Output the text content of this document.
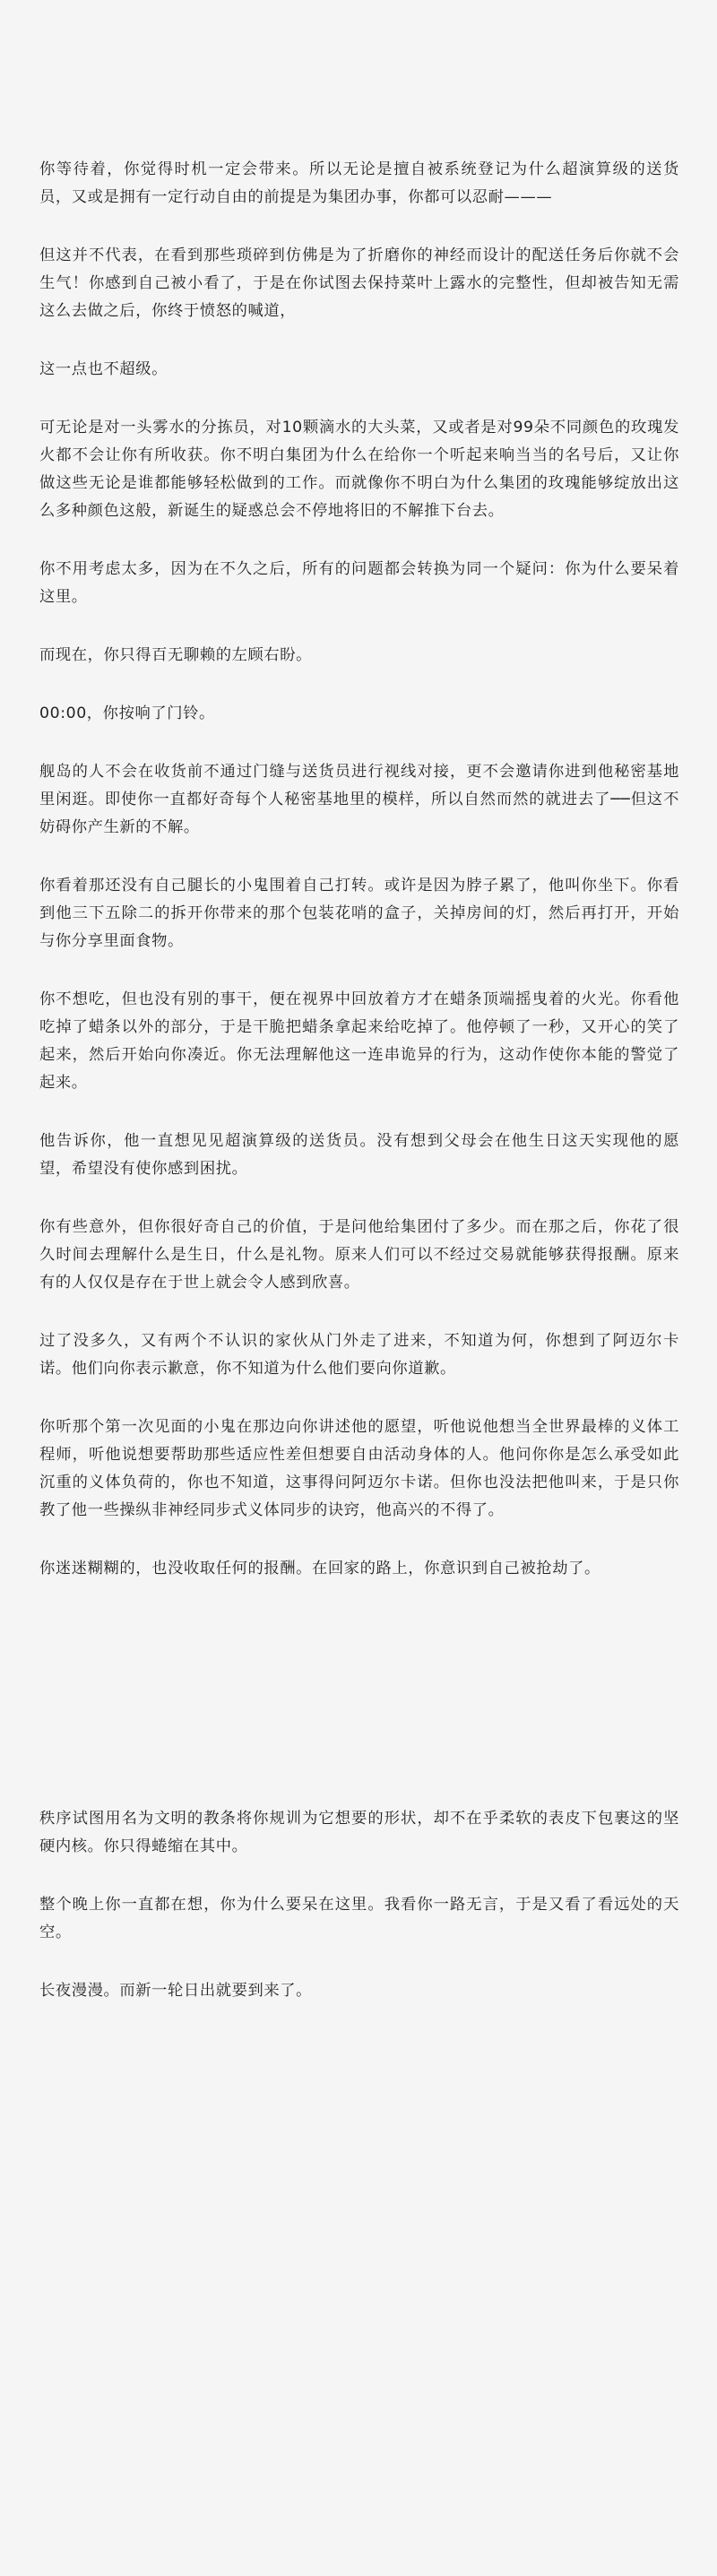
你等待着，你觉得时机一定会带来。所以无论是擅自被系统登记为什么超演算级的送货员，又或是拥有一定行动自由的前提是为集团办事，你都可以忍耐———

但这并不代表，在看到那些琐碎到仿佛是为了折磨你的神经而设计的配送任务后你就不会生气！你感到自己被小看了，于是在你试图去保持菜叶上露水的完整性，但却被告知无需这么去做之后，你终于愤怒的喊道，

这一点也不超级。

可无论是对一头雾水的分拣员，对10颗滴水的大头菜，又或者是对99朵不同颜色的玫瑰发火都不会让你有所收获。你不明白集团为什么在给你一个听起来响当当的名号后，又让你做这些无论是谁都能够轻松做到的工作。而就像你不明白为什么集团的玫瑰能够绽放出这么多种颜色这般，新诞生的疑惑总会不停地将旧的不解推下台去。

你不用考虑太多，因为在不久之后，所有的问题都会转换为同一个疑问：你为什么要呆着这里。

而现在，你只得百无聊赖的左顾右盼。

00:00，你按响了门铃。

舰岛的人不会在收货前不通过门缝与送货员进行视线对接，更不会邀请你进到他秘密基地里闲逛。即使你一直都好奇每个人秘密基地里的模样，所以自然而然的就进去了──但这不妨碍你产生新的不解。

你看着那还没有自己腿长的小鬼围着自己打转。或许是因为脖子累了，他叫你坐下。你看到他三下五除二的拆开你带来的那个包装花哨的盒子，关掉房间的灯，然后再打开，开始与你分享里面食物。

你不想吃，但也没有别的事干，便在视界中回放着方才在蜡条顶端摇曳着的火光。你看他吃掉了蜡条以外的部分，于是干脆把蜡条拿起来给吃掉了。他停顿了一秒，又开心的笑了起来，然后开始向你凑近。你无法理解他这一连串诡异的行为，这动作使你本能的警觉了起来。

他告诉你，他一直想见见超演算级的送货员。没有想到父母会在他生日这天实现他的愿望，希望没有使你感到困扰。

你有些意外，但你很好奇自己的价值，于是问他给集团付了多少。而在那之后，你花了很久时间去理解什么是生日，什么是礼物。原来人们可以不经过交易就能够获得报酬。原来有的人仅仅是存在于世上就会令人感到欣喜。

过了没多久，又有两个不认识的家伙从门外走了进来，不知道为何，你想到了阿迈尔卡诺。他们向你表示歉意，你不知道为什么他们要向你道歉。

你听那个第一次见面的小鬼在那边向你讲述他的愿望，听他说他想当全世界最棒的义体工程师，听他说想要帮助那些适应性差但想要自由活动身体的人。他问你你是怎么承受如此沉重的义体负荷的，你也不知道，这事得问阿迈尔卡诺。但你也没法把他叫来，于是只你教了他一些操纵非神经同步式义体同步的诀窍，他高兴的不得了。

你迷迷糊糊的，也没收取任何的报酬。在回家的路上，你意识到自己被抢劫了。

秩序试图用名为文明的教条将你规训为它想要的形状，却不在乎柔软的表皮下包裹这的坚硬内核。你只得蜷缩在其中。

整个晚上你一直都在想，你为什么要呆在这里。我看你一路无言，于是又看了看远处的天空。

长夜漫漫。而新一轮日出就要到来了。
